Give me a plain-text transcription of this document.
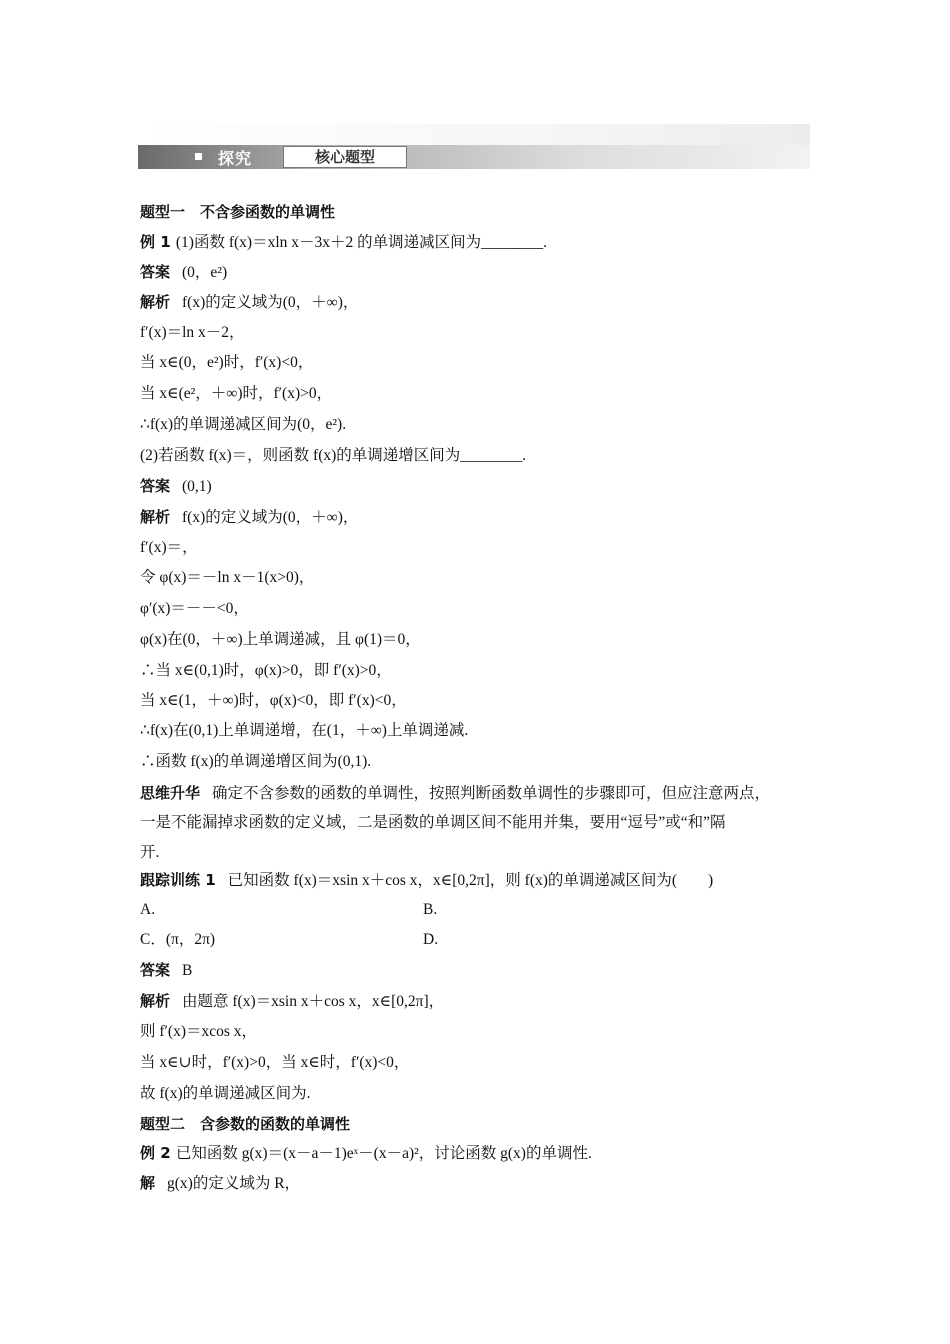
探究	核心题型
题型一　不含参函数的单调性
例 1 (1)函数 f(x)＝xln x－3x＋2 的单调递减区间为________.
答案 (0，e²)
解析 f(x)的定义域为(0，＋∞)，
f′(x)＝ln x－2，
当 x∈(0，e²)时，f′(x)<0，
当 x∈(e²，＋∞)时，f′(x)>0，
∴f(x)的单调递减区间为(0，e²).
(2)若函数 f(x)＝，则函数 f(x)的单调递增区间为________.
答案 (0,1)
解析 f(x)的定义域为(0，＋∞)，
f′(x)＝，
令 φ(x)＝－ln x－1(x>0)，
φ′(x)＝－－<0，
φ(x)在(0，＋∞)上单调递减，且 φ(1)＝0，
∴当 x∈(0,1)时，φ(x)>0，即 f′(x)>0，
当 x∈(1，＋∞)时，φ(x)<0，即 f′(x)<0，
∴f(x)在(0,1)上单调递增，在(1，＋∞)上单调递减.
∴函数 f(x)的单调递增区间为(0,1).
思维升华 确定不含参数的函数的单调性，按照判断函数单调性的步骤即可，但应注意两点，
一是不能漏掉求函数的定义域，二是函数的单调区间不能用并集，要用“逗号”或“和”隔
开.
跟踪训练 1 已知函数 f(x)＝xsin x＋cos x，x∈[0,2π]，则 f(x)的单调递减区间为(　　)
B.
A.
D.
C．(π，2π)
答案 B
解析 由题意 f(x)＝xsin x＋cos x，x∈[0,2π]，
则 f′(x)＝xcos x，
当 x∈∪时，f′(x)>0，当 x∈时，f′(x)<0，
故 f(x)的单调递减区间为.
题型二　含参数的函数的单调性
例 2 已知函数 g(x)＝(x－a－1)eˣ－(x－a)²，讨论函数 g(x)的单调性.
解 g(x)的定义域为 R，
